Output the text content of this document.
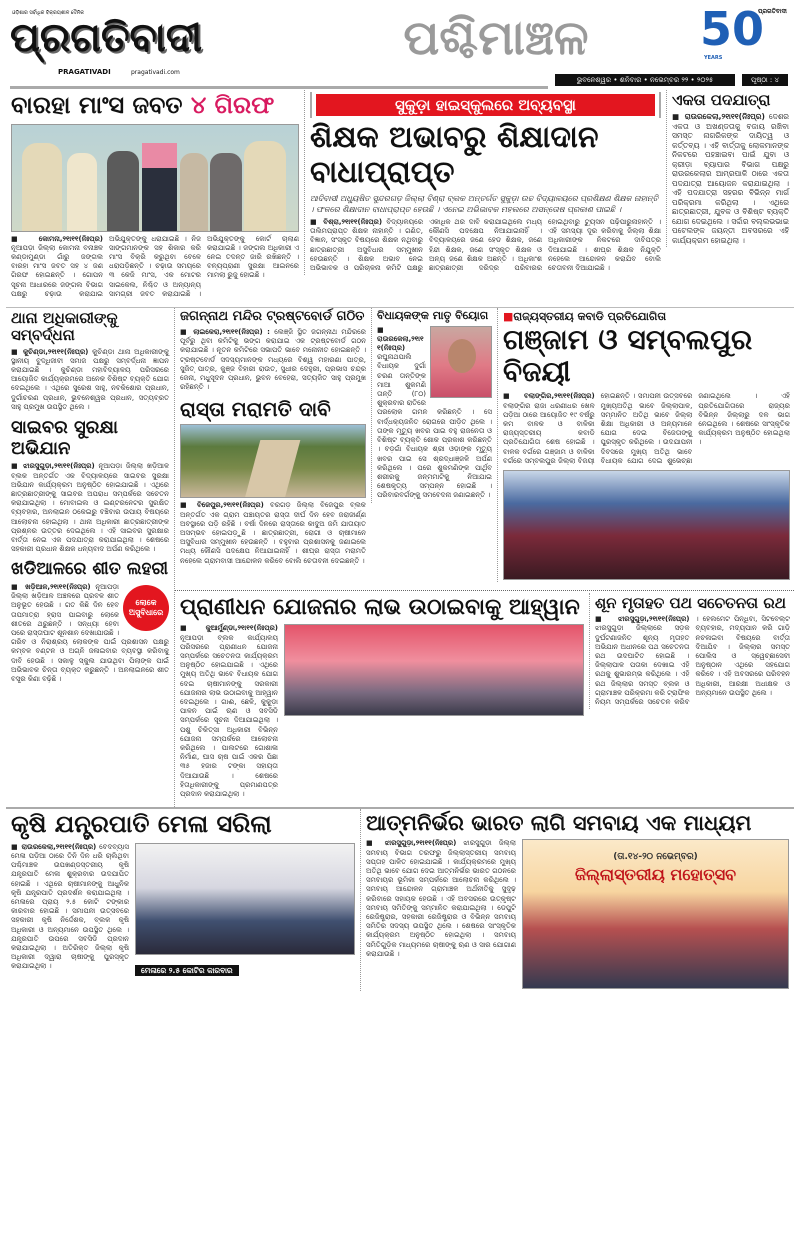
ଓଡ଼ିଶାର ସର୍ବାଧିକ ବିକ୍ରୟଶୀଳ ଦୈନିକ
ପ୍ରଗତିବାଦୀ
PRAGATIVADI	pragativadi.com
ପଶ୍ଚିମାଞ୍ଚଳ	50
YEARS
ପ୍ରଗତିବାଦୀ
ଭୁବନେଶ୍ୱର • ଶନିବାର • ନଭେମ୍ବର ୨୨ • ୨୦୨୫	ପୃଷ୍ଠା : ୪
ବାରହା ମାଂସ ଜବତ ୪ ଗିରଫ
■ କୋମନା,୨୧ା୧୧(ନିଃପ୍ର) ନୂଆପଡ଼ା ଜିଲ୍ଲା କୋମନା ବନାଞ୍ଚଳ କଣ୍ଡାମୁଣ୍ଡା ଗାଁରୁ ଜଙ୍ଗଲ ବାରହା ମାଂସ ଜବତ ସହ ୪ ଜଣ ଗିରଫ ହୋଇଛନ୍ତି । ଗୋପନ ସୂଚନା ଆଧାରରେ ଜଙ୍ଗଲ ବିଭାଗ ପକ୍ଷରୁ ଚଢ଼ାଉ କରାଯାଇ ଅଭିଯୁକ୍ତଙ୍କୁ ଧରାଯାଇଛି । ନିଜ ସାଙ୍ଗମାନଙ୍କ ସହ ଶିକାର କରି ମାଂସ ବିକ୍ରି କରୁଥିବା ବେଳେ ଧରାପଡ଼ିଛନ୍ତି । ଚଢ଼ାଉ ସମୟରେ ୩ କେଜି ମାଂସ, ଏକ ମୋଟର ସାଇକେଲ, ନିଶ୍ଚିତ ଓ ଅନ୍ୟାନ୍ୟ ସାମଗ୍ରୀ ଜବତ କରାଯାଇଛି । ଅଭିଯୁକ୍ତଙ୍କୁ କୋର୍ଟ ଚାଲାଣ କରାଯାଇଛି । ଜଙ୍ଗଲ ଅଧିକାରୀ ଏ ନେଇ ତଦନ୍ତ ଜାରି ରଖିଛନ୍ତି । ବନ୍ୟପ୍ରାଣୀ ସୁରକ୍ଷା ଆଇନରେ ମାମଲା ରୁଜୁ ହୋଇଛି ।
ସୁକୁଡ଼ା ହାଇସ୍କୁଲରେ ଅବ୍ୟବସ୍ଥା
ଶିକ୍ଷକ ଅଭାବରୁ ଶିକ୍ଷାଦାନ ବାଧାପ୍ରାପ୍ତ
ଆଦିବାସୀ ଅଧ୍ୟୁଷିତ ସୁନ୍ଦରଗଡ଼ ଜିଲ୍ଲା ବିଶ୍ରା ବ୍ଲକ ଅନ୍ତର୍ଗତ ସୁକୁଡ଼ା ଉଚ୍ଚ ବିଦ୍ୟାଳୟରେ ପ୍ରଶିକ୍ଷଣ ଶିକ୍ଷକ ନାହାନ୍ତି । ଫଳରେ ଶିକ୍ଷାଦାନ ବାଧାପ୍ରାପ୍ତ ହେଉଛି । ଏନେଇ ଅଭିଭାବକ ମହଲରେ ଅସନ୍ତୋଷ ପ୍ରକାଶ ପାଇଛି ।
■ ବିଶ୍ରା,୨୧ା୧୧(ନିଃପ୍ର) ବିଦ୍ୟାଳୟରେ ତାଲିମପ୍ରାପ୍ତ ଶିକ୍ଷକ ନାହାନ୍ତି । ଗଣିତ, ବିଜ୍ଞାନ, ସଂସ୍କୃତ ବିଷୟରେ ଶିକ୍ଷକ ନଥିବାରୁ ଛାତ୍ରଛାତ୍ରୀ ଅସୁବିଧାର ସମ୍ମୁଖୀନ ହେଉଛନ୍ତି । ଶିକ୍ଷକ ଅଭାବ ନେଇ ଅଭିଭାବକ ଓ ପରିଚାଳନା କମିଟି ପକ୍ଷରୁ ଏକାଧିକ ଥର ଦାବି କରାଯାଇଥିଲେ ମଧ୍ୟ କୌଣସି ପଦକ୍ଷେପ ନିଆଯାଇନାହିଁ । ବିଦ୍ୟାଳୟରେ ଜଣେ ହେଡ ଶିକ୍ଷକ, ଜଣେ ହିନ୍ଦୀ ଶିକ୍ଷକ, ଜଣେ ସଂସ୍କୃତ ଶିକ୍ଷକ ଓ ଅନ୍ୟ ଜଣେ ଶିକ୍ଷକ ଅଛନ୍ତି । ଅଧିକାଂଶ ଛାତ୍ରଛାତ୍ରୀ ଦରିଦ୍ର ପରିବାରର ହୋଇଥିବାରୁ ଟ୍ୟୁସନ ପଢ଼ିପାରୁନାହାନ୍ତି । ଏହି ସମସ୍ୟା ଦୂର କରିବାକୁ ଜିଲ୍ଲା ଶିକ୍ଷା ଅଧିକାରୀଙ୍କ ନିକଟରେ ଦାବିପତ୍ର ଦିଆଯାଇଛି । ଶୀଘ୍ର ଶିକ୍ଷକ ନିଯୁକ୍ତି ନହେଲେ ଆନ୍ଦୋଳନ କରାଯିବ ବୋଲି ଚେତାବନୀ ଦିଆଯାଇଛି ।
ଏକତା ପଦଯାତ୍ରା
■ ରାଉରକେଲା,୨୧ା୧୧(ନିଃପ୍ର) ଦେଶର ଏକତା ଓ ଅଖଣ୍ଡତାକୁ ବଜାୟ ରଖିବା ସମସ୍ତ ନାଗରିକଙ୍କ ଦାୟିତ୍ୱ ଓ କର୍ତ୍ତବ୍ୟ । ଏହି ବାର୍ତ୍ତାକୁ ଲୋକମାନଙ୍କ ନିକଟରେ ପହଞ୍ଚାଇବା ପାଇଁ ଯୁବା ଓ କ୍ରୀଡ଼ା ବ୍ୟାପାର ବିଭାଗ ପକ୍ଷରୁ ରାଉରକେଲାର ଆମ୍ରପାଳି ଠାରେ ଏକତା ପଦଯାତ୍ରା ଆୟୋଜନ କରାଯାଇଥିଲା । ଏହି ପଦଯାତ୍ରା ସହରର ବିଭିନ୍ନ ମାର୍ଗ ପରିକ୍ରମା କରିଥିଲା । ଏଥିରେ ଛାତ୍ରଛାତ୍ରୀ, ଯୁବକ ଓ ବିଶିଷ୍ଟ ବ୍ୟକ୍ତି ଯୋଗ ଦେଇଥିଲେ । ସର୍ଦ୍ଦାର ବଲ୍ଲଭଭାଇ ପଟେଲଙ୍କ ଜୟନ୍ତୀ ଅବସରରେ ଏହି କାର୍ଯ୍ୟକ୍ରମ ହୋଇଥିଲା ।
ଥାନା ଅଧିକାରୀଙ୍କୁ ସମ୍ବର୍ଦ୍ଧନା
■ କୁଚିଣ୍ଡା,୨୧ା୧୧(ନିଃପ୍ର) କୁଚିଣ୍ଡା ଥାନା ଅଧିକାରୀଙ୍କୁ ସ୍ଥାନୀୟ ବୁଦ୍ଧିଜୀବୀ ସମାଜ ପକ୍ଷରୁ ସମ୍ବର୍ଦ୍ଧନା ଜ୍ଞାପନ କରାଯାଇଛି । କୁଚିଣ୍ଡା ମହାବିଦ୍ୟାଳୟ ପରିସରରେ ଆୟୋଜିତ କାର୍ଯ୍ୟକ୍ରମରେ ଅନେକ ବିଶିଷ୍ଟ ବ୍ୟକ୍ତି ଯୋଗ ଦେଇଥିଲେ । ଏଥିରେ ସୁରେଶ ସାହୁ, ନବକିଶୋର ପ୍ରଧାନ, ଦୁର୍ଗାଚରଣ ପ୍ରଧାନ, ଭୁବନେଶ୍ୱର ପ୍ରଧାନ, ସତ୍ୟବ୍ରତ ସାହୁ ପ୍ରମୁଖ ଉପସ୍ଥିତ ଥିଲେ ।
ସାଇବର ସୁରକ୍ଷା ଅଭିଯାନ
■ ଝାରସୁଗୁଡ଼ା,୨୧ା୧୧(ନିଃପ୍ର) ନୂଆପଡ଼ା ଜିଲ୍ଲା ଖଡ଼ିଆଳ ବ୍ଲକ ଅନ୍ତର୍ଗତ ଏକ ବିଦ୍ୟାଳୟରେ ସାଇବର ସୁରକ୍ଷା ଅଭିଯାନ କାର୍ଯ୍ୟକ୍ରମ ଅନୁଷ୍ଠିତ ହୋଇଯାଇଛି । ଏଥିରେ ଛାତ୍ରଛାତ୍ରୀଙ୍କୁ ସାଇବର ଅପରାଧ ସମ୍ପର୍କରେ ସଚେତନ କରାଯାଇଥିଲା । ମୋବାଇଲ ଓ ଇଣ୍ଟରନେଟର ସୁରକ୍ଷିତ ବ୍ୟବହାର, ଅନଲାଇନ ଠକେଇରୁ ବଞ୍ଚିବାର ଉପାୟ ବିଷୟରେ ଆଲୋଚନା ହୋଇଥିଲା । ଥାନା ଅଧିକାରୀ ଛାତ୍ରଛାତ୍ରୀଙ୍କ ପ୍ରଶ୍ନର ଉତ୍ତର ଦେଇଥିଲେ । ଏହି ସାଇବର ସୁରକ୍ଷାର ବାର୍ତ୍ତା ନେଇ ଏକ ପଦଯାତ୍ରା କରାଯାଇଥିଲା । ଶେଷରେ ସହକାରୀ ପ୍ରଧାନ ଶିକ୍ଷକ ଧନ୍ୟବାଦ ଅର୍ପଣ କରିଥିଲେ ।
ଖଡିଆଳରେ ଶୀତ ଲହରୀ
ଲୋକେ ଅସୁବିଧାରେ
■ ଖଡ଼ିଆଳ,୨୧ା୧୧(ନିଃପ୍ର) ନୂଆପଡ଼ା ଜିଲ୍ଲା ଖଡ଼ିଆଳ ଅଞ୍ଚଳରେ ପ୍ରବଳ ଶୀତ ଅନୁଭୂତ ହେଉଛି । ଗତ କିଛି ଦିନ ହେବ ତାପମାତ୍ରା ହ୍ରାସ ପାଇବାରୁ ଲୋକେ ଶୀତରେ ଥରୁଛନ୍ତି । ସନ୍ଧ୍ୟା ହେବା ପରେ ରାସ୍ତାଘାଟ ଶୂନଶାନ ଦେଖାଯାଉଛି । ଗରିବ ଓ ନିରାଶ୍ରୟ ଲୋକଙ୍କ ପାଇଁ ପ୍ରଶାସନ ପକ୍ଷରୁ କମ୍ବଳ ବଣ୍ଟନ ଓ ଅଗ୍ନି ଜଳାଇବାର ବ୍ୟବସ୍ଥା କରିବାକୁ ଦାବି ହେଉଛି । ସକାଳୁ ସ୍କୁଲ ଯାଉଥିବା ପିଲାଙ୍କ ପାଇଁ ଅଭିଭାବକ ଚିନ୍ତା ବ୍ୟକ୍ତ କରୁଛନ୍ତି । ଅନଲାଇନରେ ଶୀତ ବସ୍ତ୍ର କିଣା ବଢ଼ିଛି ।
ଜଗନ୍ନାଥ ମନ୍ଦିର ଟ୍ରଷ୍ଟବୋର୍ଡ ଗଠିତ
■ ଲାଇକେରା,୨୧ା୧୧(ନିଃପ୍ର) : ଲେଞ୍ଜି ସ୍ଥିତ ଜଗନ୍ନାଥ ମନ୍ଦିରରେ ପୂର୍ବରୁ ଥିବା କମିଟିକୁ ଭଙ୍ଗ କରାଯାଇ ଏକ ଟ୍ରଷ୍ଟବୋର୍ଡ ଗଠନ କରାଯାଇଛି । ନୂତନ କମିଟିରେ ସଭାପତି ଭାବେ ମନୋନୀତ ହୋଇଛନ୍ତି । ଟ୍ରଷ୍ଟବୋର୍ଡ ସଦସ୍ୟମାନଙ୍କ ମଧ୍ୟରେ ବିଶ୍ୱ ମହାରଣା ପାତ୍ର, ସୁଜିତ୍ ପାତ୍ର, କୁଞ୍ଜ ବିହାରୀ ରାଉତ, ସୁଧୀର ଦେହୁରୀ, ପ୍ରଭାସ ଚନ୍ଦ୍ର ଜେନା, ମଧୁସୂଦନ ପ୍ରଧାନ, ଭୁବନ ବେହେରା, ସତ୍ୟଜିତ ସାହୁ ପ୍ରମୁଖ ରହିଛନ୍ତି ।
ରାସ୍ତା ମରାମତି ଦାବି
■ ବିଜେପୁର,୨୧ା୧୧(ନିଃପ୍ର) ବରଗଡ଼ ଜିଲ୍ଲା ବିଜେପୁର ବ୍ଲକ ଅନ୍ତର୍ଗତ ଏକ ଗ୍ରାମ ପଞ୍ଚାୟତର ରାସ୍ତା ଦୀର୍ଘ ଦିନ ହେବ ଜରାଜୀର୍ଣ୍ଣ ଅବସ୍ଥାରେ ପଡ଼ି ରହିଛି । ବର୍ଷା ଦିନରେ ରାସ୍ତାରେ କାଦୁଅ ଜମି ଯାତାୟାତ ଅସମ୍ଭବ ହୋଇପଡ଼ୁଛି । ଛାତ୍ରଛାତ୍ରୀ, ରୋଗୀ ଓ ଚାଷୀମାନେ ଅସୁବିଧାର ସମ୍ମୁଖୀନ ହେଉଛନ୍ତି । ବହୁବାର ପ୍ରଶାସନକୁ ଜଣାଇଲେ ମଧ୍ୟ କୌଣସି ପଦକ୍ଷେପ ନିଆଯାଇନାହିଁ । ଶୀଘ୍ର ରାସ୍ତା ମରାମତି ନହେଲେ ଗ୍ରାମବାସୀ ଆନ୍ଦୋଳନ କରିବେ ବୋଲି ଚେତାବନୀ ଦେଇଛନ୍ତି ।
ବିଧାୟକଙ୍କ ମାତୃ ବିୟୋଗ
■ ରାଉରକେଲା,୨୧ା୧୧(ନିଃପ୍ର) ରଘୁନାଥପାଲି ବିଧାୟକ ଦୁର୍ଗା ଚରଣ ତାନ୍ତିଙ୍କ ମାଆ ଶୁକମଣି ତାନ୍ତି (୮୦) ଶୁକ୍ରବାର ରାତିରେ ପରଲୋକ ଗମନ କରିଛନ୍ତି । ସେ ବାର୍ଦ୍ଧକ୍ୟଜନିତ ରୋଗରେ ପୀଡ଼ିତ ଥିଲେ । ତାଙ୍କ ମୃତ୍ୟୁ ଖବର ପାଇ ବହୁ ରାଜନେତା ଓ ବିଶିଷ୍ଟ ବ୍ୟକ୍ତି ଶୋକ ପ୍ରକାଶ କରିଛନ୍ତି । ବଡ଼ଗାଁ ବିଧାୟକ ଶ୍ରୀ ଓଡ଼ାଙ୍କ ମୃତ୍ୟୁ ଖବର ପାଇ ସେ ଶ୍ରଦ୍ଧାଞ୍ଜଳି ଅର୍ପଣ କରିଥିଲେ । ପରେ ଶୁକମଣିଙ୍କ ପାର୍ଥିବ ଶରୀରକୁ ଜନ୍ମମାଟିକୁ ନିଆଯାଇ ଶେଷକୃତ୍ୟ ସମ୍ପନ୍ନ ହୋଇଛି । ପରିବାରବର୍ଗଙ୍କୁ ସମବେଦନା ଜଣାଇଛନ୍ତି ।
■ରାଜ୍ୟସ୍ତରୀୟ କବାଡି ପ୍ରତିଯୋଗିତା
ଗଞ୍ଜାମ ଓ ସମ୍ବଲପୁର ବିଜୟୀ
■ ବଲାଙ୍ଗିର,୨୧ା୧୧(ନିଃପ୍ର) ବଲାଙ୍ଗିର ରାଜା ଧରଣୀଧର ଖେଳ ପଡ଼ିଆ ଠାରେ ଆୟୋଜିତ ୧୯ ବର୍ଷରୁ କମ ବାଳକ ଓ ବାଳିକା ରାଜ୍ୟସ୍ତରୀୟ କବାଡି ପ୍ରତିଯୋଗିତା ଶେଷ ହୋଇଛି । ବାଳକ ବର୍ଗରେ ଗଞ୍ଜାମ ଓ ବାଳିକା ବର୍ଗରେ ସମ୍ବଲପୁର ଜିଲ୍ଲା ବିଜୟୀ ହୋଇଛନ୍ତି । ସମାପନୀ ଉତ୍ସବରେ ମୁଖ୍ୟଅତିଥି ଭାବେ ଜିଲ୍ଲାପାଳ, ସମ୍ମାନିତ ଅତିଥି ଭାବେ ଜିଲ୍ଲା ଶିକ୍ଷା ଅଧିକାରୀ ଓ ଅନ୍ୟମାନେ ଯୋଗ ଦେଇ ବିଜେତାଙ୍କୁ ପୁରସ୍କୃତ କରିଥିଲେ । ଉଦଯାପନୀ ଦିବସରେ ମୁଖ୍ୟ ଅତିଥି ଭାବେ ବିଧାୟକ ଯୋଗ ଦେଇ ଶୁଭେଚ୍ଛା ଜଣାଇଥିଲେ । ଏହି ପ୍ରତିଯୋଗିତାରେ ରାଜ୍ୟର ବିଭିନ୍ନ ଜିଲ୍ଲାରୁ ଦଳ ଭାଗ ନେଇଥିଲେ । ଶେଷରେ ସାଂସ୍କୃତିକ କାର୍ଯ୍ୟକ୍ରମ ଅନୁଷ୍ଠିତ ହୋଇଥିଲା ।
ପ୍ରାଣୀଧନ ଯୋଜନାର ଲାଭ ଉଠାଇବାକୁ ଆହ୍ୱାନ
■ କୁଆର୍ମୁଣ୍ଡା,୨୧ା୧୧(ନିଃପ୍ର) ନୂଆପଡ଼ା ବ୍ଲକ କାର୍ଯ୍ୟାଳୟ ପରିସରରେ ପ୍ରାଣୀଧନ ଯୋଜନା ସମ୍ପର୍କରେ ସଚେତନତା କାର୍ଯ୍ୟକ୍ରମ ଅନୁଷ୍ଠିତ ହୋଇଯାଇଛି । ଏଥିରେ ମୁଖ୍ୟ ଅତିଥି ଭାବେ ବିଧାୟକ ଯୋଗ ଦେଇ ଚାଷୀମାନଙ୍କୁ ସରକାରୀ ଯୋଜନାର ଲାଭ ଉଠାଇବାକୁ ଆହ୍ୱାନ ଦେଇଥିଲେ । ଗାଈ, ଛେଳି, କୁକୁଡ଼ା ପାଳନ ପାଇଁ ଋଣ ଓ ସବସିଡି ସମ୍ପର୍କରେ ସୂଚନା ଦିଆଯାଇଥିଲା । ପଶୁ ଚିକିତ୍ସା ଅଧିକାରୀ ବିଭିନ୍ନ ଯୋଜନା ସମ୍ପର୍କରେ ଆଲୋଚନା କରିଥିଲେ । ପାଲଟରେ ଗୋଶାଳା ନିର୍ମାଣ, ଘାସ ଚାଷ ପାଇଁ ଏକର ପିଛା ୩୫ ହଜାର ଟଙ୍କା ସହାୟତା ଦିଆଯାଉଛି । ଶେଷରେ ହିତାଧିକାରୀଙ୍କୁ ପ୍ରମାଣପତ୍ର ପ୍ରଦାନ କରାଯାଇଥିଲା ।
ଶୂନ ମୃତାହତ ପଥ ସଚେତନତା ରଥ
■ ଝାରସୁଗୁଡ଼ା,୨୧ା୧୧(ନିଃପ୍ର) ଝାରସୁଗୁଡ଼ା ଜିଲ୍ଲାରେ ସଡ଼କ ଦୁର୍ଘଟଣାଜନିତ ଶୂନ୍ୟ ମୃତାହତ ଅଭିଯାନ ଅଧୀନରେ ପଥ ସଚେତନତା ରଥ ଉଦଘାଟିତ ହୋଇଛି । ଜିଲ୍ଲାପାଳ ପତାକା ଦେଖାଇ ଏହି ରଥକୁ ଶୁଭାରମ୍ଭ କରିଥିଲେ । ଏହି ରଥ ଜିଲ୍ଲାର ସମସ୍ତ ବ୍ଲକ ଓ ଗ୍ରାମାଞ୍ଚଳ ପରିକ୍ରମା କରି ଟ୍ରାଫିକ ନିୟମ ସମ୍ପର୍କରେ ସଚେତନ କରିବ । ହେଲମେଟ ପିନ୍ଧିବା, ସିଟବେଲ୍ଟ ବ୍ୟବହାର, ମଦ୍ୟପାନ କରି ଗାଡ଼ି ନଚଳାଇବା ବିଷୟରେ ବାର୍ତ୍ତା ଦିଆଯିବ । ଜିଲ୍ଲାର ସମସ୍ତ ପୋଲିସ ଓ ସ୍ୱେଚ୍ଛାସେବୀ ଅନୁଷ୍ଠାନ ଏଥିରେ ସହଯୋଗ କରିବେ । ଏହି ଅବସରରେ ପରିବହନ ଅଧିକାରୀ, ଆରକ୍ଷୀ ଅଧୀକ୍ଷକ ଓ ଅନ୍ୟମାନେ ଉପସ୍ଥିତ ଥିଲେ ।
କୃଷି ଯନ୍ତ୍ରପାତି ମେଳା ସରିଲା
■ ରାଉରକେଲା,୨୧ା୧୧(ନିଃପ୍ର) ବେଦବ୍ୟାସ ମେଳା ପଡ଼ିଆ ଠାରେ ତିନି ଦିନ ଧରି ଚାଲିଥିବା ପଶ୍ଚିମାଞ୍ଚଳ ଉପଖଣ୍ଡସ୍ତରୀୟ କୃଷି ଯନ୍ତ୍ରପାତି ମେଳା ଶୁକ୍ରବାର ଉଦଯାପିତ ହୋଇଛି । ଏଥିରେ ଚାଷୀମାନଙ୍କୁ ଆଧୁନିକ କୃଷି ଯନ୍ତ୍ରପାତି ପ୍ରଦର୍ଶନ କରାଯାଇଥିଲା । ମେଳାରେ ପ୍ରାୟ ୨.୫ କୋଟି ଟଙ୍କାର କାରବାର ହୋଇଛି । ସମାପନୀ ଉତ୍ସବରେ ସହକାରୀ କୃଷି ନିର୍ଦ୍ଦେଶକ, ବ୍ଲକ କୃଷି ଅଧିକାରୀ ଓ ଅନ୍ୟମାନେ ଉପସ୍ଥିତ ଥିଲେ । ଯନ୍ତ୍ରପାତି ଉପରେ ସବସିଡି ପ୍ରଦାନ କରାଯାଇଥିଲା । ଅତିରିକ୍ତ ଜିଲ୍ଲା କୃଷି ଅଧିକାରୀ ଦ୍ୱାରା ଚାଷୀଙ୍କୁ ପୁରସ୍କୃତ କରାଯାଇଥିଲା ।	ମେଳାରେ ୨.୫ କୋଟିର କାରବାର
ଆତ୍ମନିର୍ଭର ଭାରତ ଲାଗି ସମବାୟ ଏକ ମାଧ୍ୟମ
■ ଝାରସୁଗୁଡ଼ା,୨୧ା୧୧(ନିଃପ୍ର) ଝାରସୁଗୁଡ଼ା ଜିଲ୍ଲା ସମବାୟ ବିଭାଗ ତରଫରୁ ଜିଲ୍ଲାସ୍ତରୀୟ ସମବାୟ ସପ୍ତାହ ପାଳିତ ହୋଇଯାଇଛି । କାର୍ଯ୍ୟକ୍ରମରେ ମୁଖ୍ୟ ଅତିଥି ଭାବେ ଯୋଗ ଦେଇ ଆତ୍ମନିର୍ଭର ଭାରତ ଗଠନରେ ସମବାୟର ଭୂମିକା ସମ୍ପର୍କରେ ଆଲୋଚନା କରିଥିଲେ । ସମବାୟ ଆନ୍ଦୋଳନ ଗ୍ରାମାଞ୍ଚଳ ଅର୍ଥନୀତିକୁ ସୁଦୃଢ଼ କରିବାରେ ସହାୟକ ହେଉଛି । ଏହି ଅବସରରେ ଉତ୍କୃଷ୍ଟ ସମବାୟ ସମିତିଙ୍କୁ ସମ୍ମାନିତ କରାଯାଇଥିଲା । ଡେପୁଟି ରେଜିଷ୍ଟ୍ରାର, ସହକାରୀ ରେଜିଷ୍ଟ୍ରାର ଓ ବିଭିନ୍ନ ସମବାୟ ସମିତିର ସଦସ୍ୟ ଉପସ୍ଥିତ ଥିଲେ । ଶେଷରେ ସାଂସ୍କୃତିକ କାର୍ଯ୍ୟକ୍ରମ ଅନୁଷ୍ଠିତ ହୋଇଥିଲା । ସମବାୟ ସମିତିଗୁଡ଼ିକ ମାଧ୍ୟମରେ ଚାଷୀଙ୍କୁ ଋଣ ଓ ସାର ଯୋଗାଣ କରାଯାଉଛି ।
(ତା.୧୪-୨୦ ନଭେମ୍ବର)
ଜିଲ୍ଲାସ୍ତରୀୟ ମହୋତ୍ସବ
